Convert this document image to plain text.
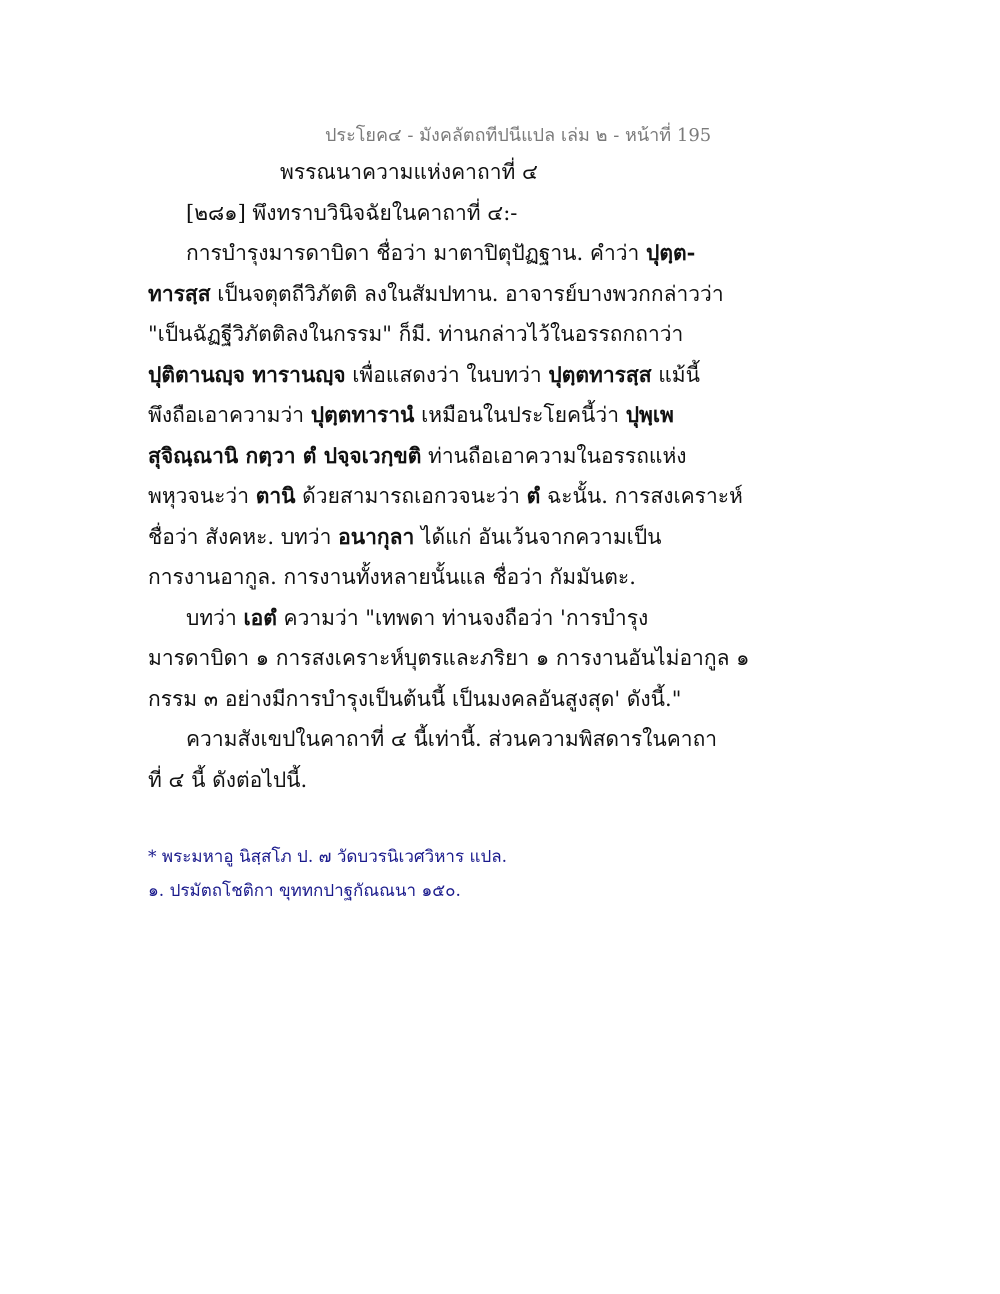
ประโยค๔ - มังคลัตถทีปนีแปล เล่ม ๒ - หน้าที่ 195
พรรณนาความแห่งคาถาที่ ๔
[๒๘๑] พึงทราบวินิจฉัยในคาถาที่ ๔:-
การบำรุงมารดาบิดา ชื่อว่า มาตาปิตุปัฏฐาน. คำว่า ปุตฺต-
ทารสฺส เป็นจตุตถีวิภัตติ ลงในสัมปทาน. อาจารย์บางพวกกล่าวว่า
"เป็นฉัฏฐีวิภัตติลงในกรรม" ก็มี. ท่านกล่าวไว้ในอรรถกถาว่า
ปุติตานญฺจ ทารานญฺจ เพื่อแสดงว่า ในบทว่า ปุตฺตทารสฺส แม้นี้
พึงถือเอาความว่า ปุตฺตทารานํ เหมือนในประโยคนี้ว่า ปุพฺเพ
สุจิณฺณานิ กตฺวา ตํ ปจฺจเวกฺขติ ท่านถือเอาความในอรรถแห่ง
พหุวจนะว่า ตานิ ด้วยสามารถเอกวจนะว่า ตํ ฉะนั้น. การสงเคราะห์
ชื่อว่า สังคหะ. บทว่า อนากุลา ได้แก่ อันเว้นจากความเป็น
การงานอากูล. การงานทั้งหลายนั้นแล ชื่อว่า กัมมันตะ.
บทว่า เอตํ ความว่า "เทพดา ท่านจงถือว่า 'การบำรุง
มารดาบิดา ๑ การสงเคราะห์บุตรและภริยา ๑ การงานอันไม่อากูล ๑
กรรม ๓ อย่างมีการบำรุงเป็นต้นนี้ เป็นมงคลอันสูงสุด' ดังนี้."
ความสังเขปในคาถาที่ ๔ นี้เท่านี้. ส่วนความพิสดารในคาถา
ที่ ๔ นี้ ดังต่อไปนี้.
* พระมหาอู นิสฺสโภ ป. ๗ วัดบวรนิเวศวิหาร แปล.
๑. ปรมัตถโชติกา ขุททกปาฐกัณณนา ๑๕๐.
